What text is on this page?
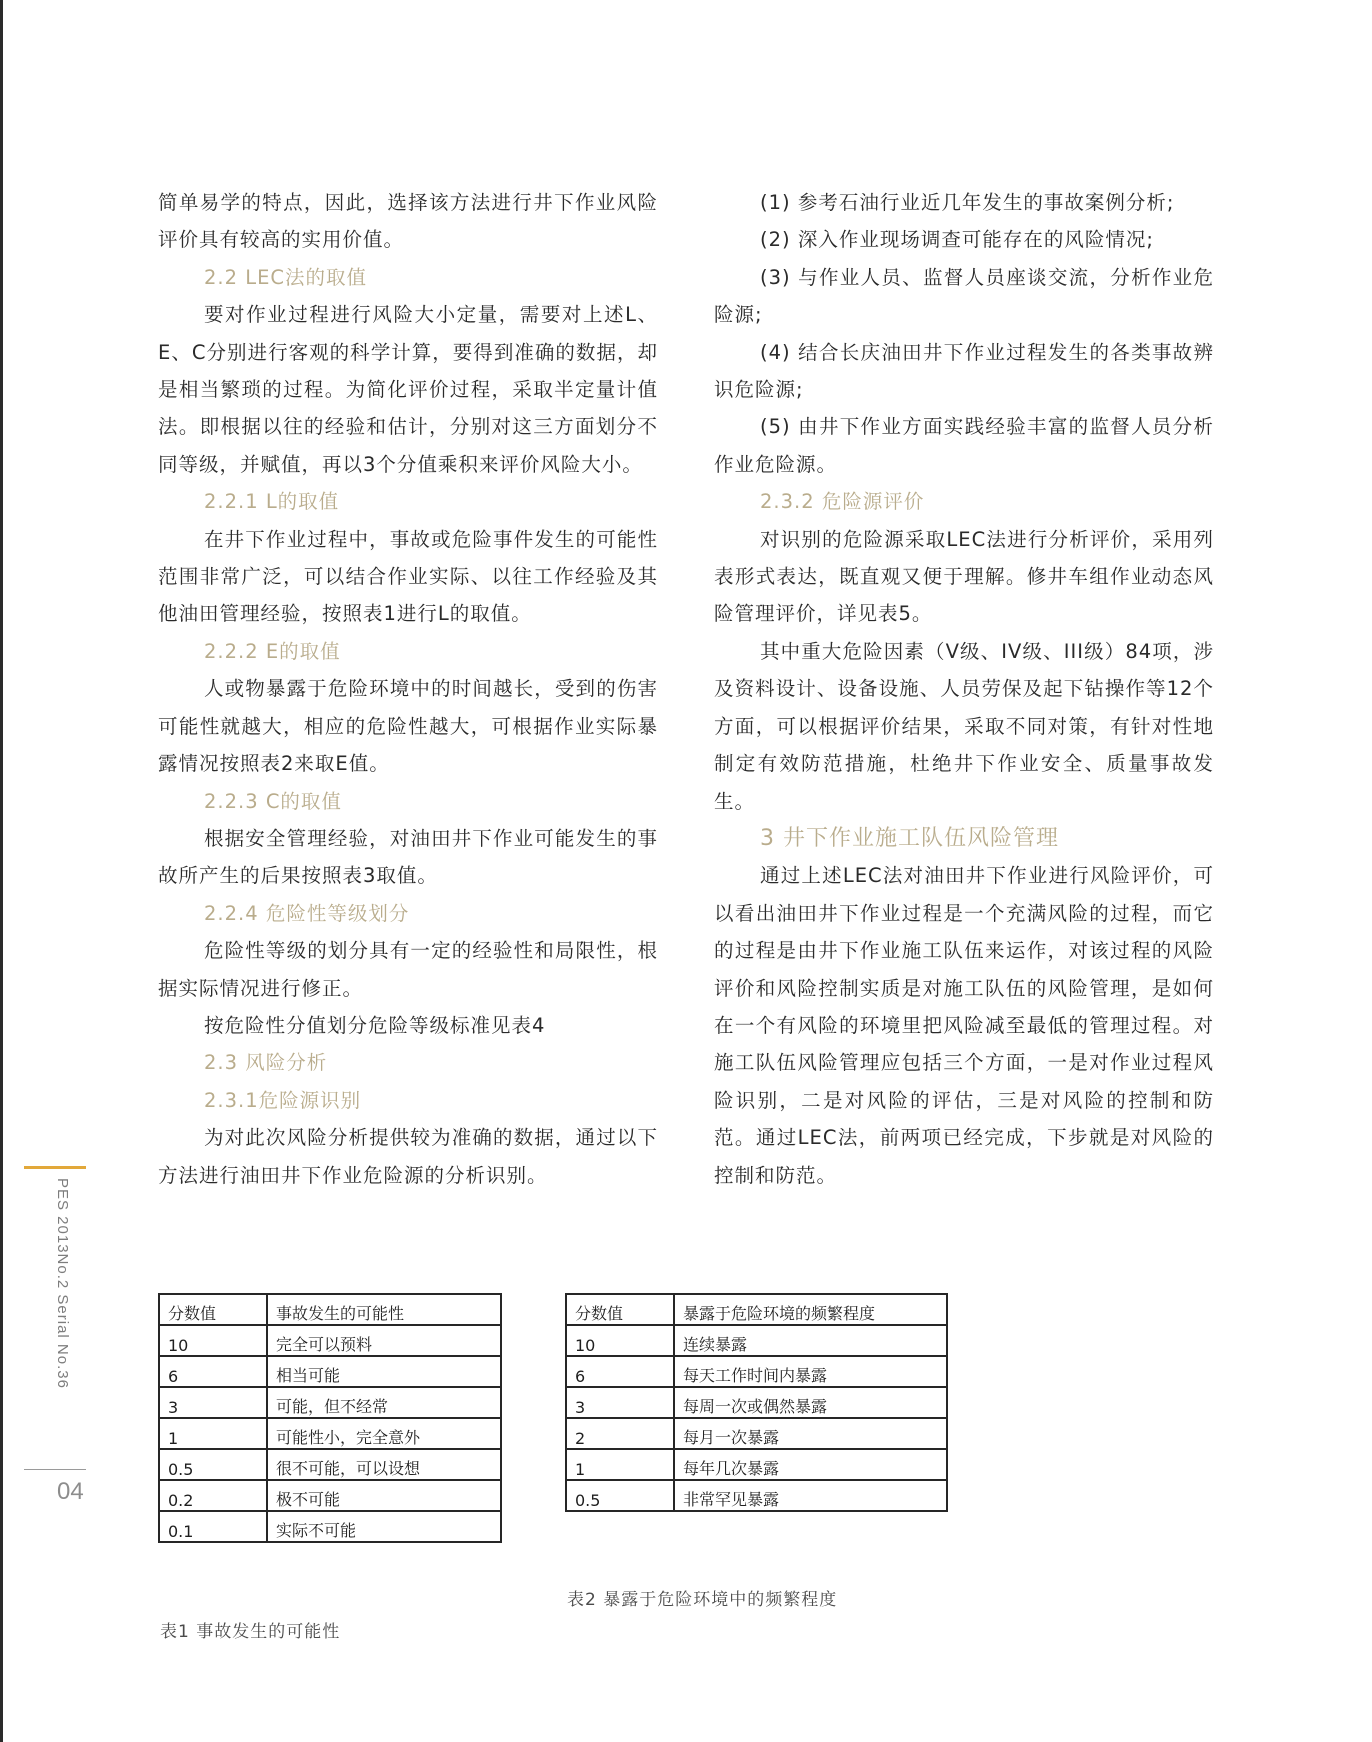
简单易学的特点，因此，选择该方法进行井下作业风险评价具有较高的实用价值。

2.2 LEC法的取值

要对作业过程进行风险大小定量，需要对上述L、E、C分别进行客观的科学计算，要得到准确的数据，却是相当繁琐的过程。为简化评价过程，采取半定量计值法。即根据以往的经验和估计，分别对这三方面划分不同等级，并赋值，再以3个分值乘积来评价风险大小。

2.2.1 L的取值

在井下作业过程中，事故或危险事件发生的可能性范围非常广泛，可以结合作业实际、以往工作经验及其他油田管理经验，按照表1进行L的取值。

2.2.2 E的取值

人或物暴露于危险环境中的时间越长，受到的伤害可能性就越大，相应的危险性越大，可根据作业实际暴露情况按照表2来取E值。

2.2.3 C的取值

根据安全管理经验，对油田井下作业可能发生的事故所产生的后果按照表3取值。

2.2.4 危险性等级划分

危险性等级的划分具有一定的经验性和局限性，根据实际情况进行修正。

按危险性分值划分危险等级标准见表4

2.3 风险分析

2.3.1危险源识别

为对此次风险分析提供较为准确的数据，通过以下方法进行油田井下作业危险源的分析识别。

(1) 参考石油行业近几年发生的事故案例分析;

(2) 深入作业现场调查可能存在的风险情况;

(3) 与作业人员、监督人员座谈交流，分析作业危险源;

(4) 结合长庆油田井下作业过程发生的各类事故辨识危险源;

(5) 由井下作业方面实践经验丰富的监督人员分析作业危险源。

2.3.2 危险源评价

对识别的危险源采取LEC法进行分析评价，采用列表形式表达，既直观又便于理解。修井车组作业动态风险管理评价，详见表5。

其中重大危险因素（V级、IV级、III级）84项，涉及资料设计、设备设施、人员劳保及起下钻操作等12个方面，可以根据评价结果，采取不同对策，有针对性地制定有效防范措施，杜绝井下作业安全、质量事故发生。

3 井下作业施工队伍风险管理

通过上述LEC法对油田井下作业进行风险评价，可以看出油田井下作业过程是一个充满风险的过程，而它的过程是由井下作业施工队伍来运作，对该过程的风险评价和风险控制实质是对施工队伍的风险管理，是如何在一个有风险的环境里把风险减至最低的管理过程。对施工队伍风险管理应包括三个方面，一是对作业过程风险识别，二是对风险的评估，三是对风险的控制和防范。通过LEC法，前两项已经完成，下步就是对风险的控制和防范。

PES 2013No.2 Serial No.36
04
分数值	事故发生的可能性
10	完全可以预料
6	相当可能
3	可能，但不经常
1	可能性小，完全意外
0.5	很不可能，可以设想
0.2	极不可能
0.1	实际不可能
分数值	暴露于危险环境的频繁程度
10	连续暴露
6	每天工作时间内暴露
3	每周一次或偶然暴露
2	每月一次暴露
1	每年几次暴露
0.5	非常罕见暴露
表1 事故发生的可能性
表2 暴露于危险环境中的频繁程度
